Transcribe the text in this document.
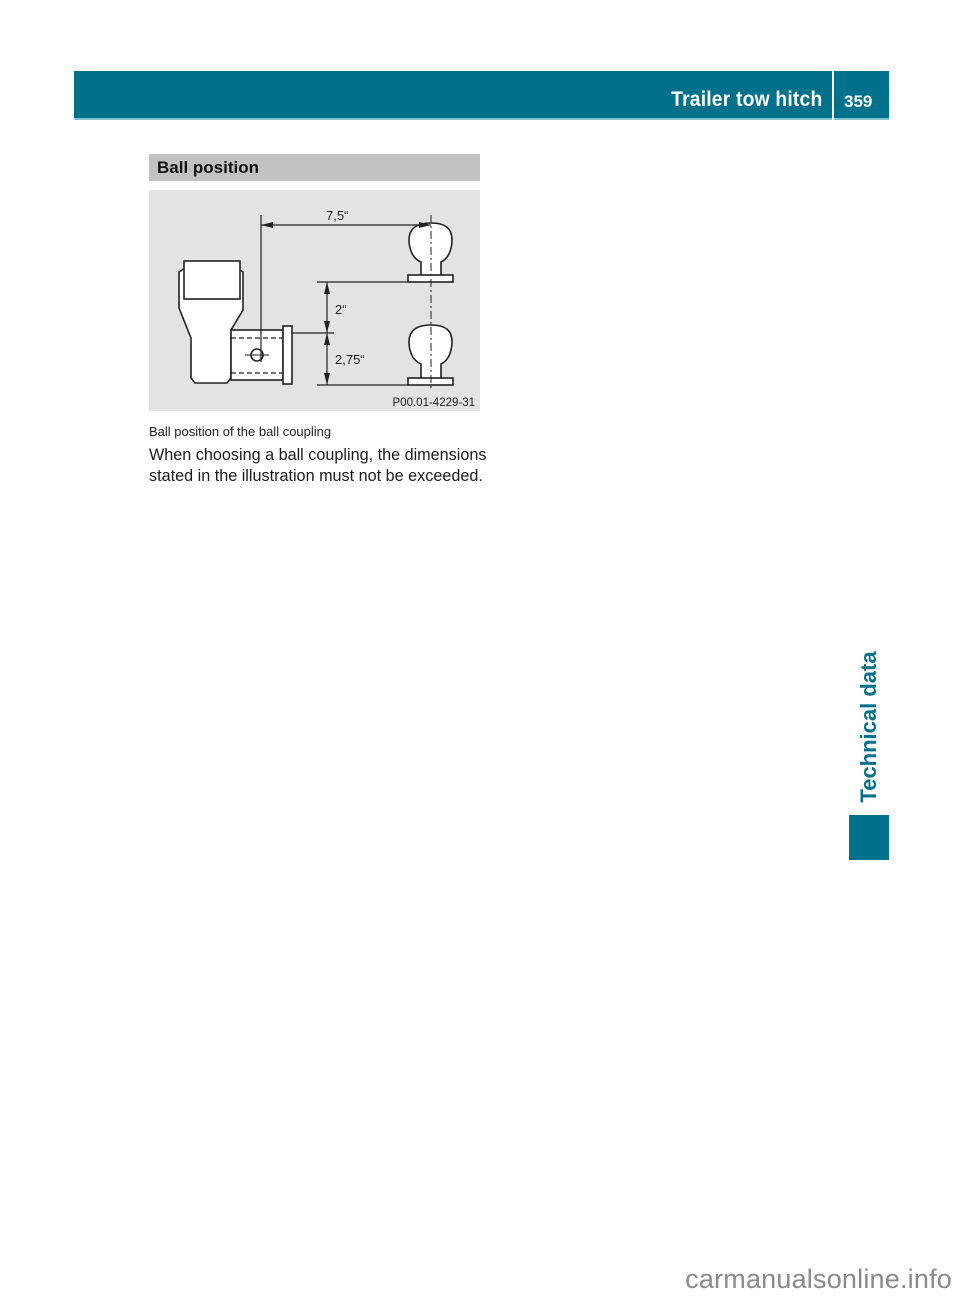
Trailer tow hitch 359
Ball position
7,5“
2“
2,75“
P00.01-4229-31
Ball position of the ball coupling
When choosing a ball coupling, the dimensions stated in the illustration must not be exceeded.
Technical data
carmanualsonline.info
